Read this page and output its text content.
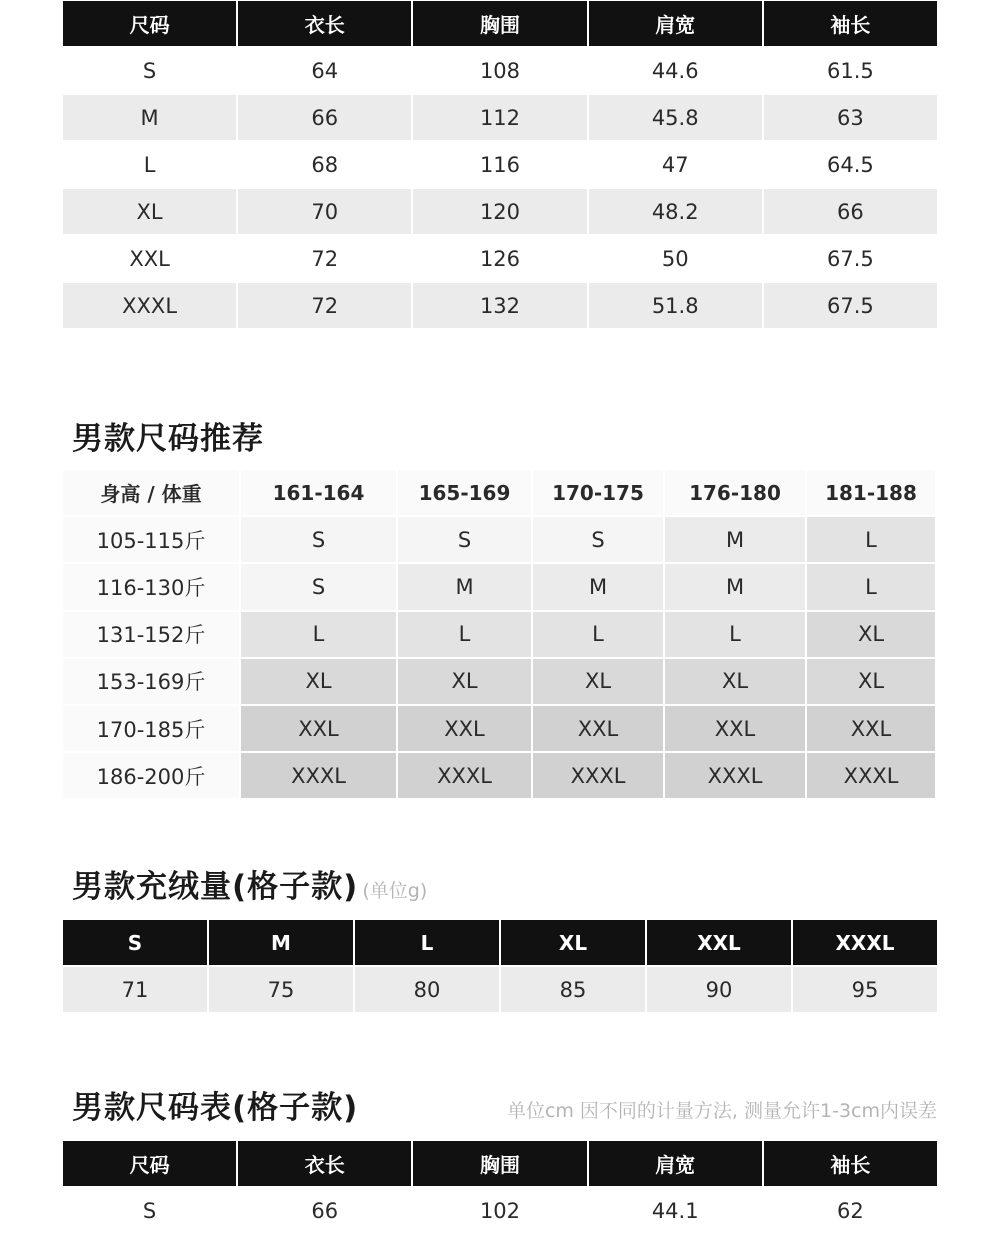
尺码	衣长	胸围	肩宽	袖长
S	64	108	44.6	61.5
M	66	112	45.8	63
L	68	116	47	64.5
XL	70	120	48.2	66
XXL	72	126	50	67.5
XXXL	72	132	51.8	67.5
男款尺码推荐
身高 / 体重	161-164	165-169	170-175	176-180	181-188
105-115斤	S	S	S	M	L
116-130斤	S	M	M	M	L
131-152斤	L	L	L	L	XL
153-169斤	XL	XL	XL	XL	XL
170-185斤	XXL	XXL	XXL	XXL	XXL
186-200斤	XXXL	XXXL	XXXL	XXXL	XXXL
男款充绒量(格子款) (单位g)
S	M	L	XL	XXL	XXXL
71	75	80	85	90	95
男款尺码表(格子款)	单位cm 因不同的计量方法, 测量允许1-3cm内误差
尺码	衣长	胸围	肩宽	袖长
S	66	102	44.1	62
